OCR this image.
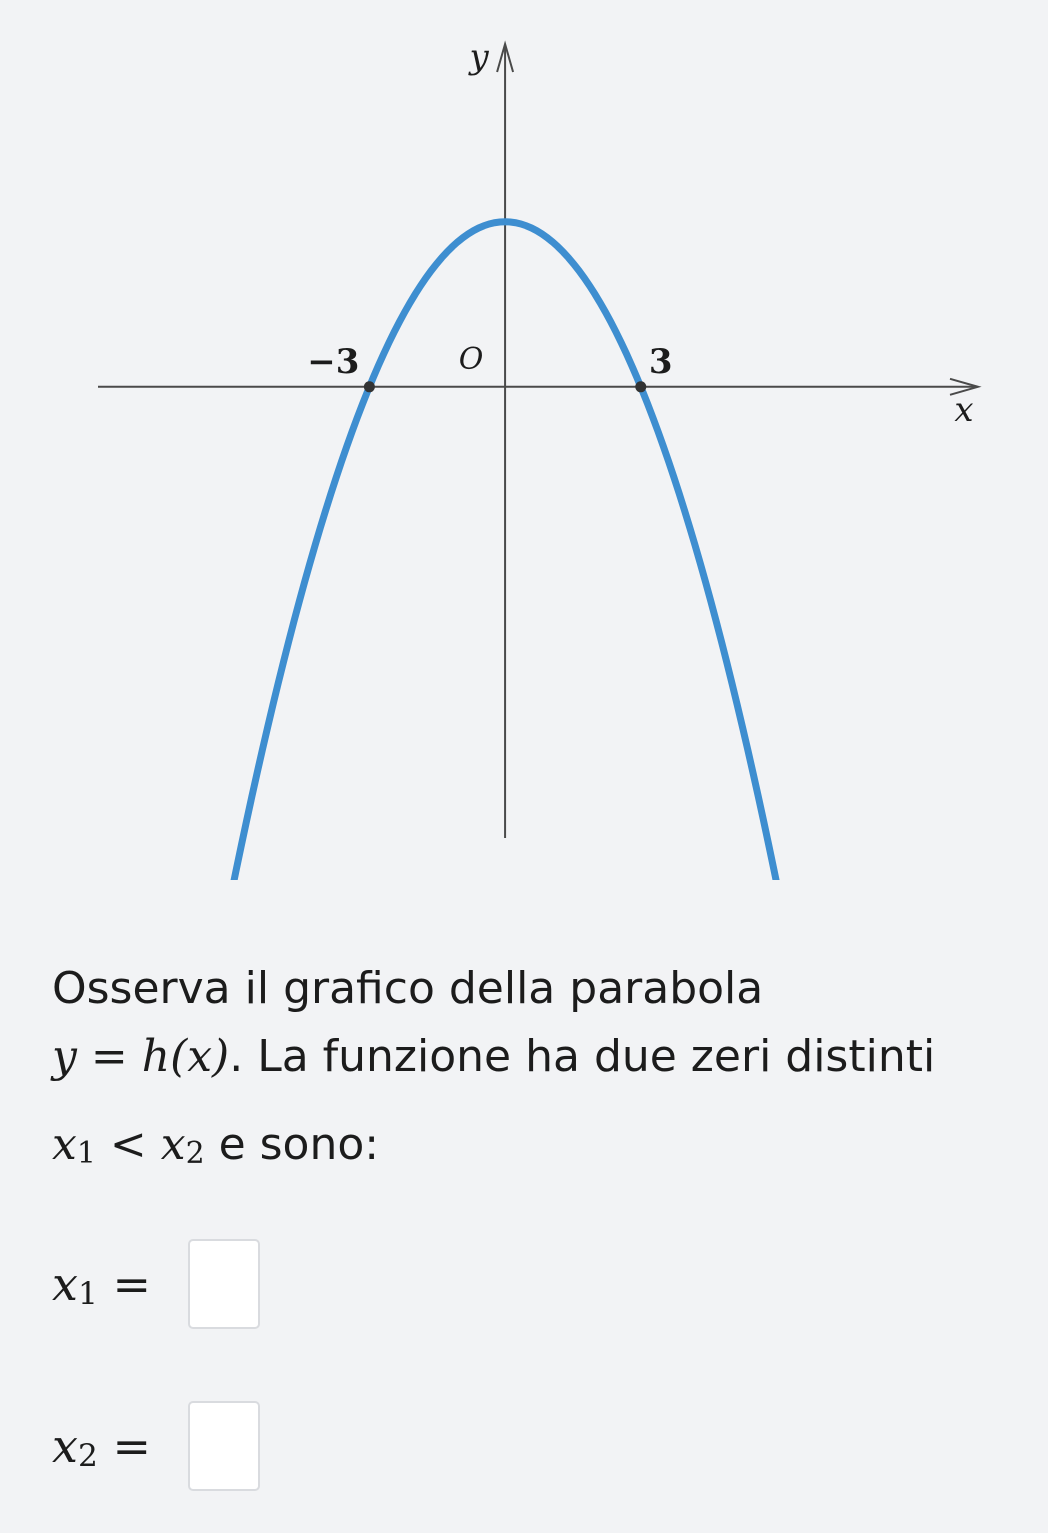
y
x
O
−3	3
Osserva il grafico della parabola
y = h(x). La funzione ha due zeri distinti
$x_1 < x_2$ e sono:
$x_1$ =
$x_2$ =
